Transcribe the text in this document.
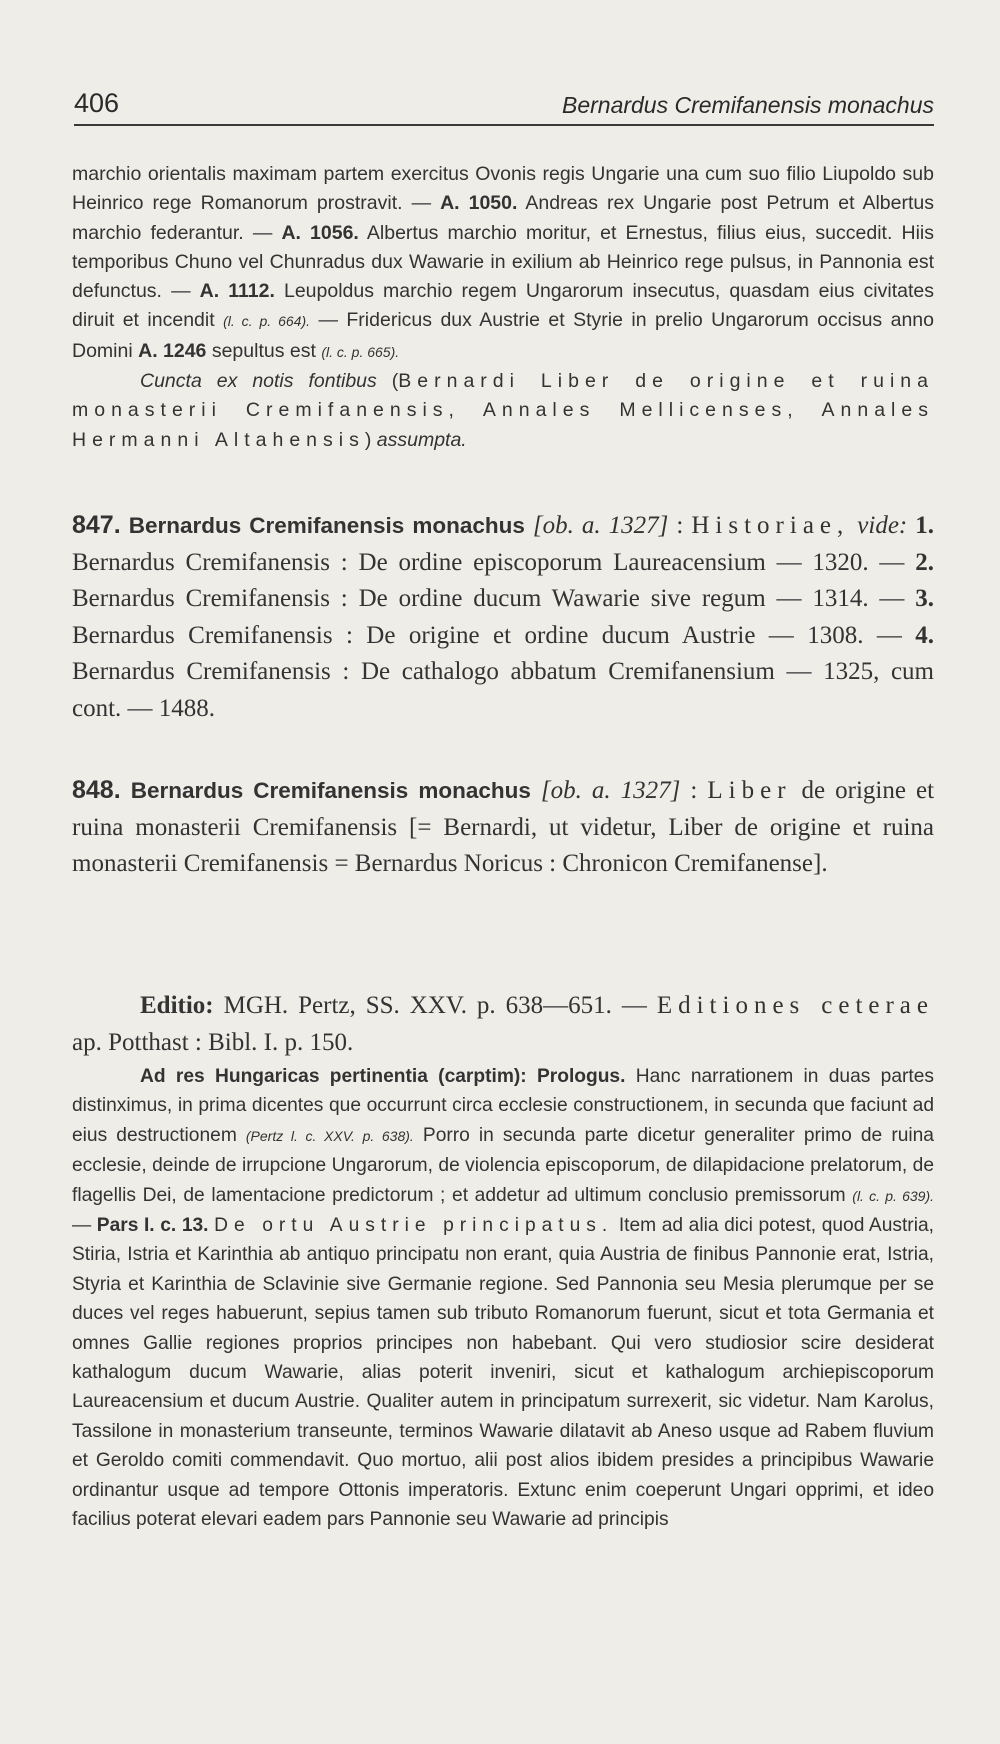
406	Bernardus Cremifanensis monachus
marchio orientalis maximam partem exercitus Ovonis regis Ungarie una cum suo filio Liupoldo sub Heinrico rege Romanorum prostravit. — A. 1050. Andreas rex Ungarie post Petrum et Albertus marchio federantur. — A. 1056. Albertus marchio moritur, et Ernestus, filius eius, succedit. Hiis temporibus Chuno vel Chunradus dux Wawarie in exilium ab Heinrico rege pulsus, in Pannonia est defunctus. — A. 1112. Leupoldus marchio regem Ungarorum insecutus, quasdam eius civitates diruit et incendit (l. c. p. 664). — Fridericus dux Austrie et Styrie in prelio Ungarorum occisus anno Domini A. 1246 sepultus est (l. c. p. 665).
Cuncta ex notis fontibus (Bernardi Liber de origine et ruina monasterii Cremifanensis, Annales Mellicenses, Annales Hermanni Altahensis) assumpta.
847. Bernardus Cremifanensis monachus [ob. a. 1327] : Historiae, vide: 1. Bernardus Cremifanensis : De ordine episcoporum Laureacensium — 1320. — 2. Bernardus Cremifanensis : De ordine ducum Wawarie sive regum — 1314. — 3. Bernardus Cremifanensis : De origine et ordine ducum Austrie — 1308. — 4. Bernardus Cremifanensis : De cathalogo abbatum Cremifanensium — 1325, cum cont. — 1488.
848. Bernardus Cremifanensis monachus [ob. a. 1327] : Liber de origine et ruina monasterii Cremifanensis [= Bernardi, ut videtur, Liber de origine et ruina monasterii Cremifanensis = Bernardus Noricus : Chronicon Cremifanense].
Editio: MGH. Pertz, SS. XXV. p. 638—651. — Editiones ceterae ap. Potthast : Bibl. I. p. 150.
Ad res Hungaricas pertinentia (carptim): Prologus. Hanc narrationem in duas partes distinximus, in prima dicentes que occurrunt circa ecclesie constructionem, in secunda que faciunt ad eius destructionem (Pertz l. c. XXV. p. 638). Porro in secunda parte dicetur generaliter primo de ruina ecclesie, deinde de irrupcione Ungarorum, de violencia episcoporum, de dilapidacione prelatorum, de flagellis Dei, de lamentacione predictorum ; et addetur ad ultimum conclusio premissorum (l. c. p. 639). — Pars I. c. 13. De ortu Austrie principatus. Item ad alia dici potest, quod Austria, Stiria, Istria et Karinthia ab antiquo principatu non erant, quia Austria de finibus Pannonie erat, Istria, Styria et Karinthia de Sclavinie sive Germanie regione. Sed Pannonia seu Mesia plerumque per se duces vel reges habuerunt, sepius tamen sub tributo Romanorum fuerunt, sicut et tota Germania et omnes Gallie regiones proprios principes non habebant. Qui vero studiosior scire desiderat kathalogum ducum Wawarie, alias poterit inveniri, sicut et kathalogum archiepiscoporum Laureacensium et ducum Austrie. Qualiter autem in principatum surrexerit, sic videtur. Nam Karolus, Tassilone in monasterium transeunte, terminos Wawarie dilatavit ab Aneso usque ad Rabem fluvium et Geroldo comiti commendavit. Quo mortuo, alii post alios ibidem presides a principibus Wawarie ordinantur usque ad tempore Ottonis imperatoris. Extunc enim coeperunt Ungari opprimi, et ideo facilius poterat elevari eadem pars Pannonie seu Wawarie ad principis
